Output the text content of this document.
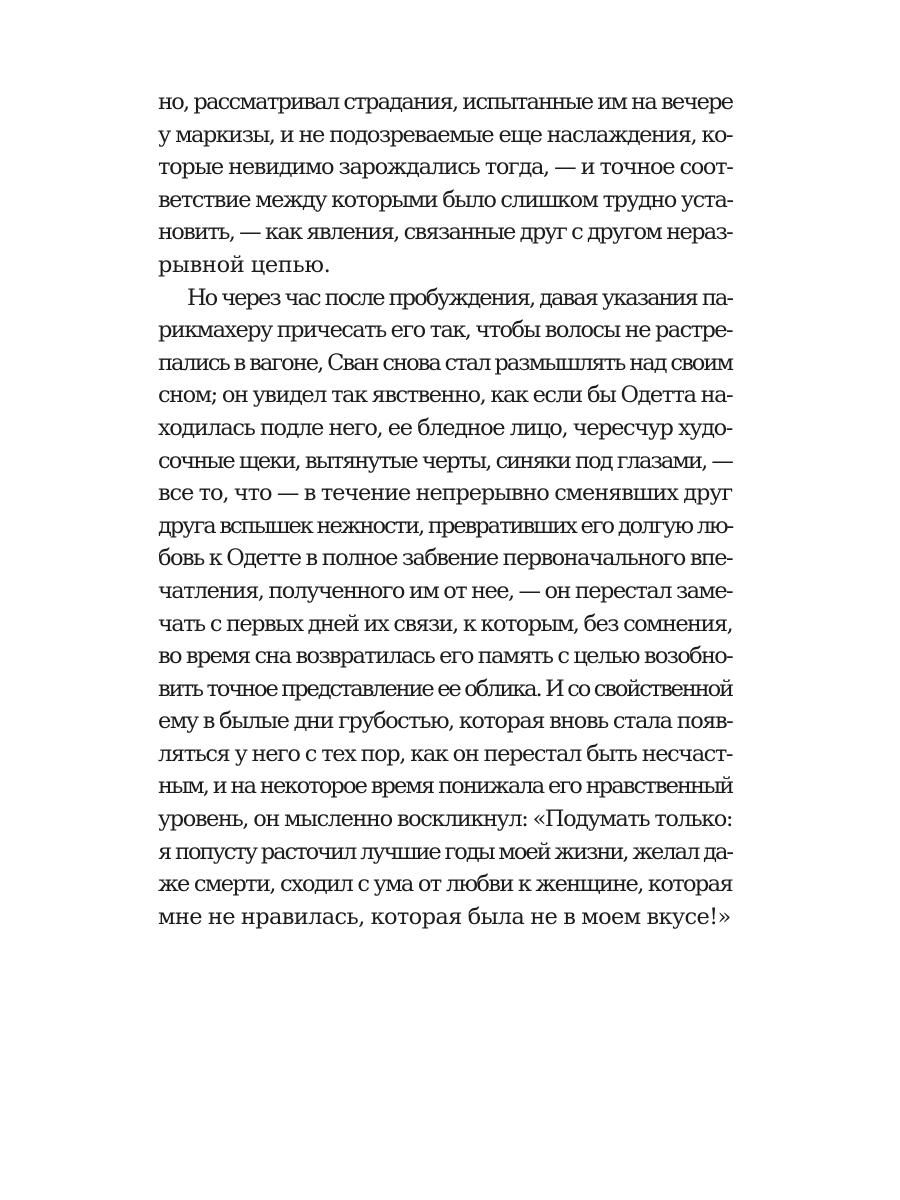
но, рассматривал страдания, испытанные им на вечере
у маркизы, и не подозреваемые еще наслаждения, ко-
торые невидимо зарождались тогда, — и точное соот-
ветствие между которыми было слишком трудно уста-
новить, — как явления, связанные друг с другом нераз-
рывной цепью.
Но через час после пробуждения, давая указания па-
рикмахеру причесать его так, чтобы волосы не растре-
пались в вагоне, Сван снова стал размышлять над своим
сном; он увидел так явственно, как если бы Одетта на-
ходилась подле него, ее бледное лицо, чересчур худо-
сочные щеки, вытянутые черты, синяки под глазами, —
все то, что — в течение непрерывно сменявших друг
друга вспышек нежности, превративших его долгую лю-
бовь к Одетте в полное забвение первоначального впе-
чатления, полученного им от нее, — он перестал заме-
чать с первых дней их связи, к которым, без сомнения,
во время сна возвратилась его память с целью возобно-
вить точное представление ее облика. И со свойственной
ему в былые дни грубостью, которая вновь стала появ-
ляться у него с тех пор, как он перестал быть несчаст-
ным, и на некоторое время понижала его нравственный
уровень, он мысленно воскликнул: «Подумать только:
я попусту расточил лучшие годы моей жизни, желал да-
же смерти, сходил с ума от любви к женщине, которая
мне не нравилась, которая была не в моем вкусе!»
